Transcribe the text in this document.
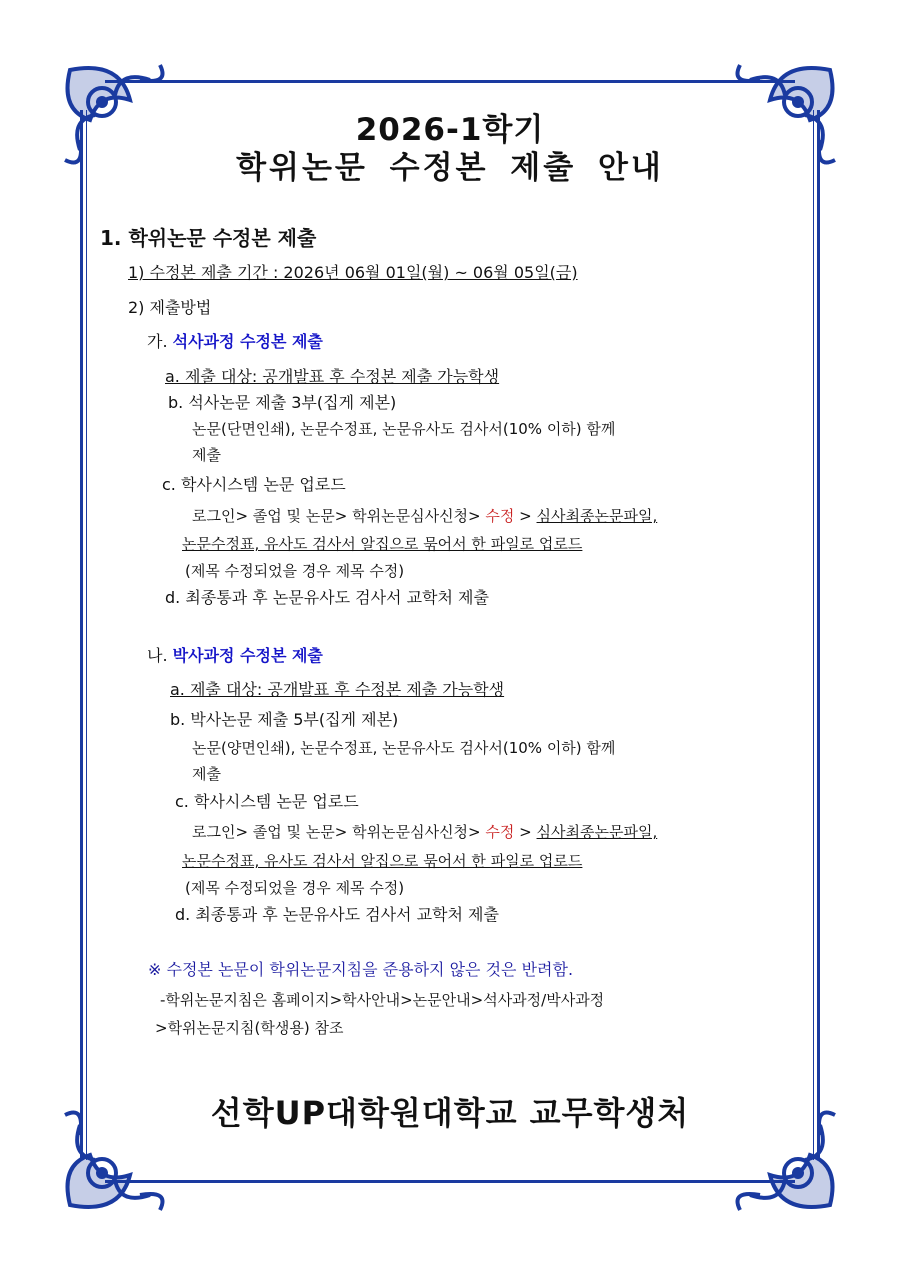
2026-1학기
학위논문 수정본 제출 안내
1. 학위논문 수정본 제출
1) 수정본 제출 기간 : 2026년 06월 01일(월) ~ 06월 05일(금)
2) 제출방법
가. 석사과정 수정본 제출
a. 제출 대상: 공개발표 후 수정본 제출 가능학생
b. 석사논문 제출 3부(집게 제본)
논문(단면인쇄), 논문수정표, 논문유사도 검사서(10% 이하) 함께
제출
c. 학사시스템 논문 업로드
로그인> 졸업 및 논문> 학위논문심사신청> 수정 > 심사최종논문파일,
논문수정표, 유사도 검사서 알집으로 묶어서 한 파일로 업로드
(제목 수정되었을 경우 제목 수정)
d. 최종통과 후 논문유사도 검사서 교학처 제출
나. 박사과정 수정본 제출
a. 제출 대상: 공개발표 후 수정본 제출 가능학생
b. 박사논문 제출 5부(집게 제본)
논문(양면인쇄), 논문수정표, 논문유사도 검사서(10% 이하) 함께
제출
c. 학사시스템 논문 업로드
로그인> 졸업 및 논문> 학위논문심사신청> 수정 > 심사최종논문파일,
논문수정표, 유사도 검사서 알집으로 묶어서 한 파일로 업로드
(제목 수정되었을 경우 제목 수정)
d. 최종통과 후 논문유사도 검사서 교학처 제출
※ 수정본 논문이 학위논문지침을 준용하지 않은 것은 반려함.
-학위논문지침은 홈페이지>학사안내>논문안내>석사과정/박사과정
>학위논문지침(학생용) 참조
선학UP대학원대학교 교무학생처
